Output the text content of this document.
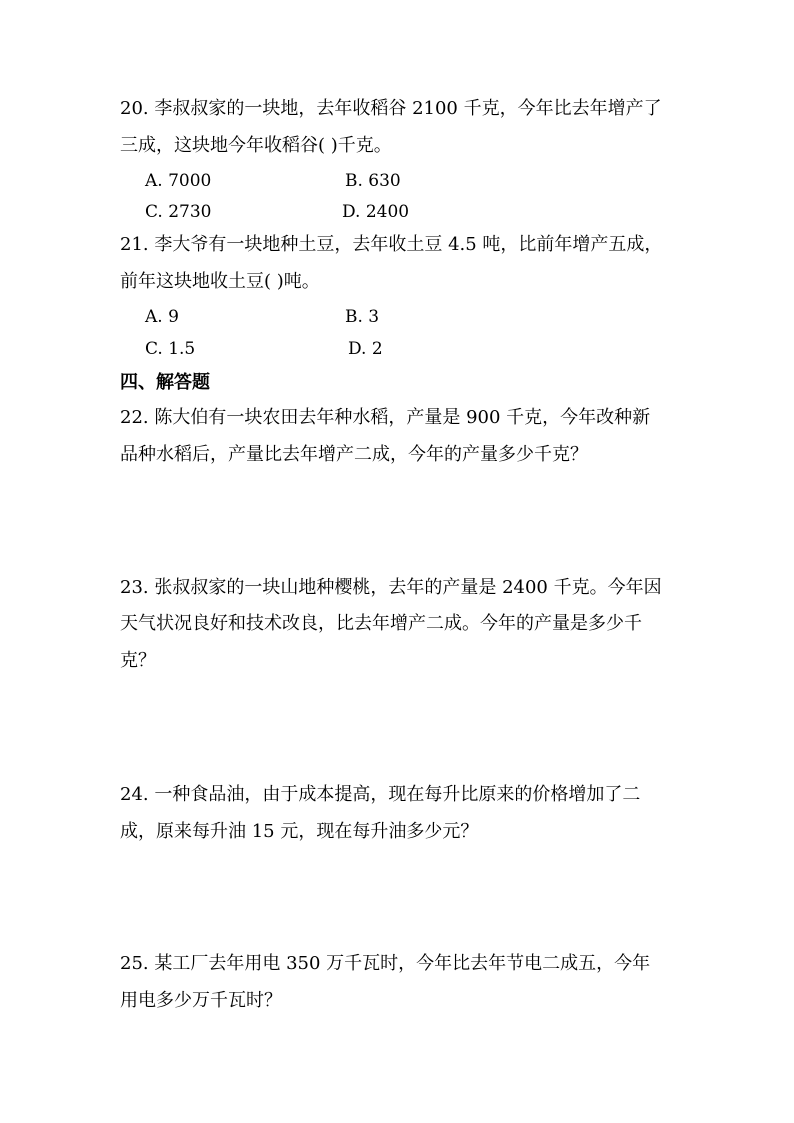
20. 李叔叔家的一块地，去年收稻谷 2100 千克，今年比去年增产了
三成，这块地今年收稻谷( )千克。
A. 7000	B. 630
C. 2730	D. 2400
21. 李大爷有一块地种土豆，去年收土豆 4.5 吨，比前年增产五成，
前年这块地收土豆( )吨。
A. 9	B. 3
C. 1.5	D. 2
四、解答题
22. 陈大伯有一块农田去年种水稻，产量是 900 千克，今年改种新
品种水稻后，产量比去年增产二成，今年的产量多少千克？
23. 张叔叔家的一块山地种樱桃，去年的产量是 2400 千克。今年因
天气状况良好和技术改良，比去年增产二成。今年的产量是多少千
克？
24. 一种食品油，由于成本提高，现在每升比原来的价格增加了二
成，原来每升油 15 元，现在每升油多少元？
25. 某工厂去年用电 350 万千瓦时，今年比去年节电二成五，今年
用电多少万千瓦时？
